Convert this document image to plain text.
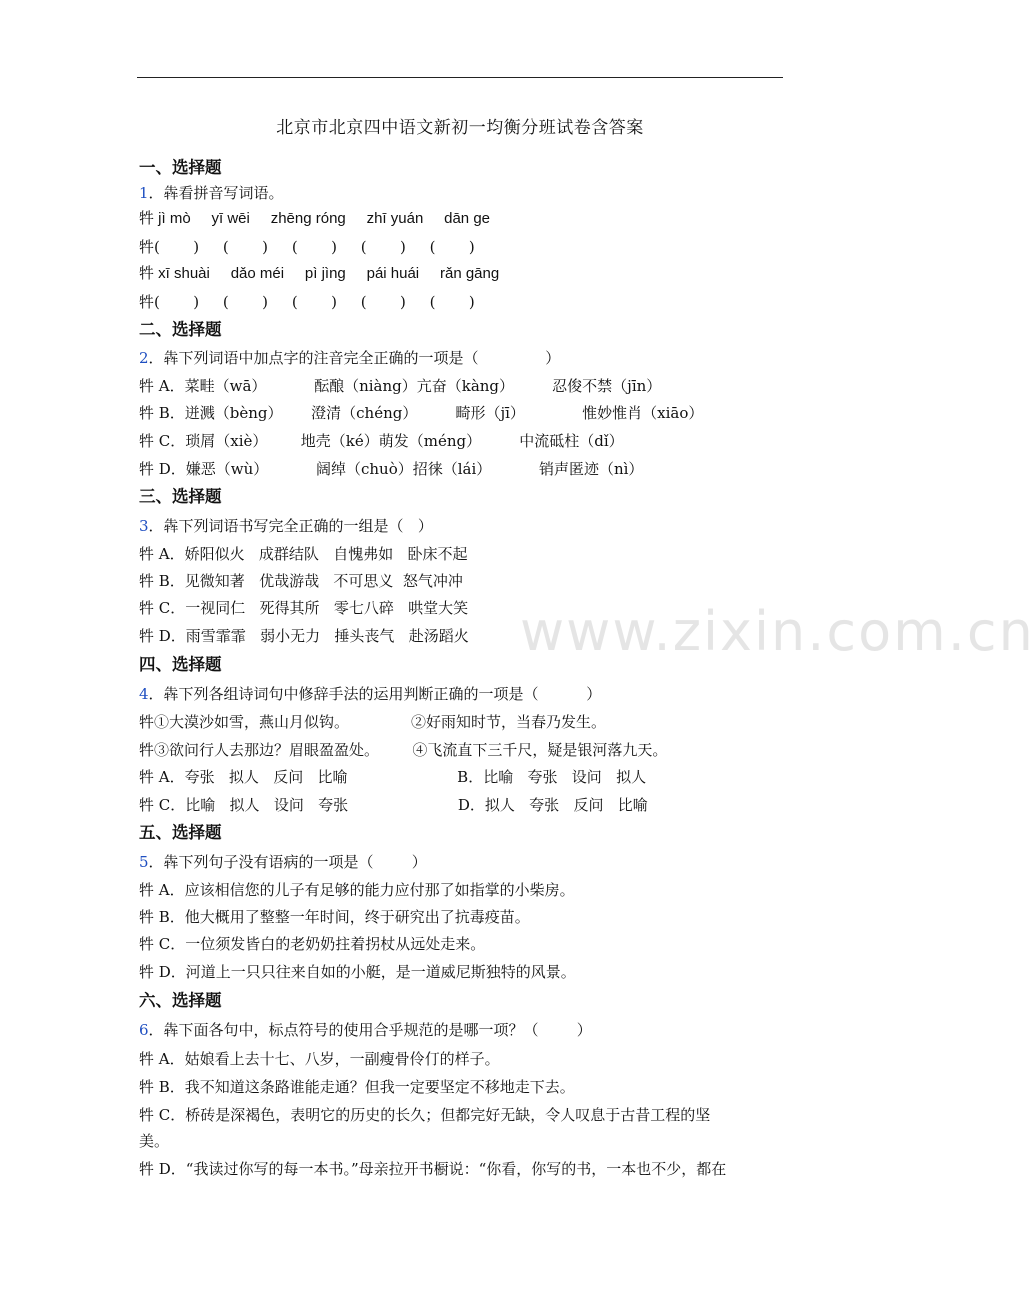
北京市北京四中语文新初一均衡分班试卷含答案
一、选择题
1．犇看拼音写词语。
牪 jì mò     yī wēi     zhēng róng     zhī yuán     dān ge
牪(       )     (       )     (       )     (       )     (       )
牪 xī shuài     dǎo méi     pì jìng     pái huái     rǎn gāng
牪(       )     (       )     (       )     (       )     (       )
二、选择题
2．犇下列词语中加点字的注音完全正确的一项是（              ）
牪 A．菜畦（wā）          酝酿（niàng）亢奋（kàng）        忍俊不禁（jīn）
牪 B．迸溅（bèng）      澄清（chéng）        畸形（jī）            惟妙惟肖（xiāo）
牪 C．琐屑（xiè）       地壳（ké）萌发（méng）        中流砥柱（dǐ）
牪 D．嫌恶（wù）          阔绰（chuò）招徕（lái）          销声匿迹（nì）
三、选择题
3．犇下列词语书写完全正确的一组是（   ）
牪 A．娇阳似火   成群结队   自愧弗如   卧床不起
牪 B．见微知著   优哉游哉   不可思义  怒气冲冲
牪 C．一视同仁   死得其所   零七八碎   哄堂大笑
牪 D．雨雪霏霏   弱小无力   捶头丧气   赴汤蹈火
四、选择题
4．犇下列各组诗词句中修辞手法的运用判断正确的一项是（          ）
牪①大漠沙如雪，燕山月似钩。             ②好雨知时节，当春乃发生。
牪③欲问行人去那边？眉眼盈盈处。       ④飞流直下三千尺，疑是银河落九天。
牪 A．夸张   拟人   反问   比喻                       B．比喻   夸张   设问   拟人
牪 C．比喻   拟人   设问   夸张                       D．拟人   夸张   反问   比喻
五、选择题
5．犇下列句子没有语病的一项是（        ）
牪 A．应该相信您的儿子有足够的能力应付那了如指掌的小柴房。
牪 B．他大概用了整整一年时间，终于研究出了抗毒疫苗。
牪 C．一位须发皆白的老奶奶拄着拐杖从远处走来。
牪 D．河道上一只只往来自如的小艇，是一道威尼斯独特的风景。
六、选择题
6．犇下面各句中，标点符号的使用合乎规范的是哪一项？（        ）
牪 A．姑娘看上去十七、八岁，一副瘦骨伶仃的样子。
牪 B．我不知道这条路谁能走通？但我一定要坚定不移地走下去。
牪 C．桥砖是深褐色，表明它的历史的长久；但都完好无缺，令人叹息于古昔工程的坚
美。
牪 D．“我读过你写的每一本书。”母亲拉开书橱说：“你看，你写的书，一本也不少，都在
www.zixin.com.cn
